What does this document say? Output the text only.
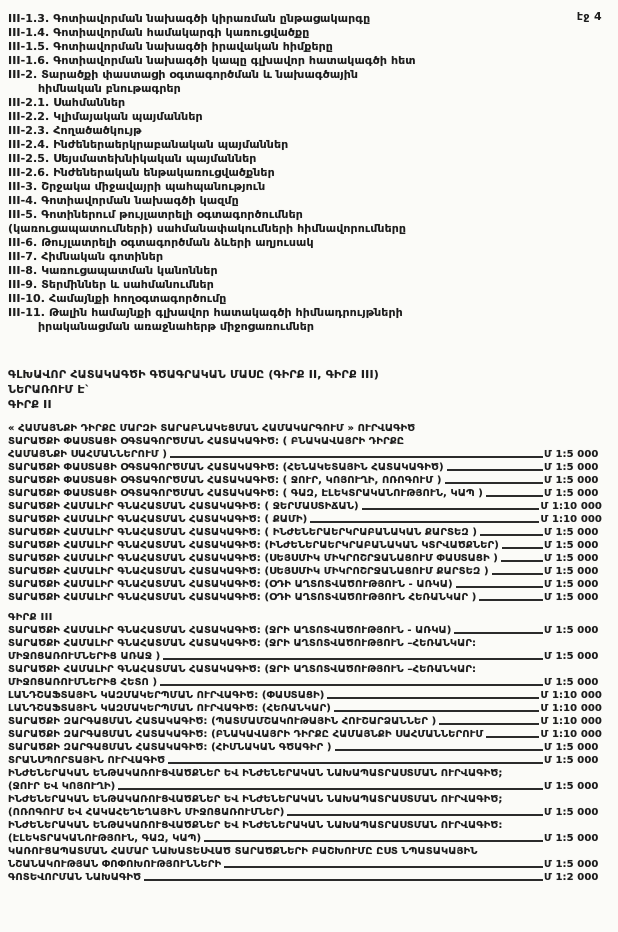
էջ 4
III-1.3. Գոտիավորման նախագծի կիրառման ընթացակարգը
III-1.4. Գոտիավորման համակարգի կառուցվածքը
III-1.5. Գոտիավորման նախագծի իրավական հիմքերը
III-1.6. Գոտիավորման նախագծի կապը գլխավոր հատակագծի հետ
III-2. Տարածքի փաստացի օգտագործման և նախագծային
հիմնական բնութագրեր
III-2.1. Սահմաններ
III-2.2. Կլիմայական պայմաններ
III-2.3. Հողածածկույթ
III-2.4. Ինժեներաերկրաբանական պայմաններ
III-2.5. Սեյսմատեխնիկական պայմաններ
III-2.6. Ինժեներական ենթակառուցվածքներ
III-3. Շրջակա միջավայրի պահպանություն
III-4. Գոտիավորման նախագծի կազմը
III-5. Գոտիներում թույլատրելի օգտագործումներ
(կառուցապատումների) սահմանափակումների հիմնավորումները
III-6. Թույլատրելի օգտագործման ձևերի աղյուսակ
III-7. Հիմնական գոտիներ
III-8. Կառուցապատման կանոններ
III-9. Տերմիններ և սահմանումներ
III-10. Համայնքի հողօգտագործումը
III-11. Թալին համայնքի գլխավոր հատակագծի հիմնադրույթների
իրականացման առաջնահերթ միջոցառումներ
ԳԼԽԱՎՈՐ ՀԱՏԱԿԱԳԾԻ ԳԾԱԳՐԱԿԱՆ ՄԱՍԸ (ԳԻՐՔ II, ԳԻՐՔ III)
ՆԵՐԱՌՈՒՄ Է`
ԳԻՐՔ II
« ՀԱՄԱՅՆՔԻ ԴԻՐՔԸ ՄԱՐԶԻ ՏԱՐԱԲՆԱԿԵՑՄԱՆ ՀԱՄԱԿԱՐԳՈՒՄ » ՈՒՐՎԱԳԻԾ
ՏԱՐԱԾՔԻ ՓԱՍՏԱՑԻ ՕԳՏԱԳՈՐԾՄԱՆ ՀԱՏԱԿԱԳԻԾ: ( ԲՆԱԿԱՎԱՅՐԻ ԴԻՐՔԸ
ՀԱՄԱՅՆՔԻ ՍԱՀՄԱՆՆԵՐՈՒՄ )	Մ 1:5 000
ՏԱՐԱԾՔԻ ՓԱՍՏԱՑԻ ՕԳՏԱԳՈՐԾՄԱՆ ՀԱՏԱԿԱԳԻԾ: (ՀԵՆԱԿԵՏԱՅԻՆ ՀԱՏԱԿԱԳԻԾ)	Մ 1:5 000
ՏԱՐԱԾՔԻ ՓԱՍՏԱՑԻ ՕԳՏԱԳՈՐԾՄԱՆ ՀԱՏԱԿԱԳԻԾ: ( ՋՈՒՐ, ԿՈՅՈՒՂԻ, ՈՌՈԳՈՒՄ )	Մ 1:5 000
ՏԱՐԱԾՔԻ ՓԱՍՏԱՑԻ ՕԳՏԱԳՈՐԾՄԱՆ ՀԱՏԱԿԱԳԻԾ: ( ԳԱԶ, ԷԼԵԿՏՐԱԿԱՆՈՒԹՅՈՒՆ, ԿԱՊ )	Մ 1:5 000
ՏԱՐԱԾՔԻ ՀԱՄԱԼԻՐ ԳՆԱՀԱՏՄԱՆ ՀԱՏԱԿԱԳԻԾ: ( ՋԵՐՄԱՍՏԻՃԱՆ)	Մ 1:10 000
ՏԱՐԱԾՔԻ ՀԱՄԱԼԻՐ ԳՆԱՀԱՏՄԱՆ ՀԱՏԱԿԱԳԻԾ: ( ՔԱՄԻ)	Մ 1:10 000
ՏԱՐԱԾՔԻ ՀԱՄԱԼԻՐ ԳՆԱՀԱՏՄԱՆ ՀԱՏԱԿԱԳԻԾ: ( ԻՆԺԵՆԵՐԱԵՐԿՐԱԲԱՆԱԿԱՆ ՔԱՐՏԵԶ )	Մ 1:5 000
ՏԱՐԱԾՔԻ ՀԱՄԱԼԻՐ ԳՆԱՀԱՏՄԱՆ ՀԱՏԱԿԱԳԻԾ: (ԻՆԺԵՆԵՐԱԵՐԿՐԱԲԱՆԱԿԱՆ ԿՏՐՎԱԾՔՆԵՐ)	Մ 1:5 000
ՏԱՐԱԾՔԻ ՀԱՄԱԼԻՐ ԳՆԱՀԱՏՄԱՆ ՀԱՏԱԿԱԳԻԾ: (ՍԵՅՍՄԻԿ ՄԻԿՐՈՇՐՋԱՆԱՑՈՒՄ ՓԱՍՏԱՑԻ )	Մ 1:5 000
ՏԱՐԱԾՔԻ ՀԱՄԱԼԻՐ ԳՆԱՀԱՏՄԱՆ ՀԱՏԱԿԱԳԻԾ: (ՍԵՅՍՄԻԿ ՄԻԿՐՈՇՐՋԱՆԱՑՈՒՄ ՔԱՐՏԵԶ )	Մ 1:5 000
ՏԱՐԱԾՔԻ ՀԱՄԱԼԻՐ ԳՆԱՀԱՏՄԱՆ ՀԱՏԱԿԱԳԻԾ: (ՕԴԻ ԱՂՏՈՏՎԱԾՈՒԹՅՈՒՆ - ԱՌԿԱ)	Մ 1:5 000
ՏԱՐԱԾՔԻ ՀԱՄԱԼԻՐ ԳՆԱՀԱՏՄԱՆ ՀԱՏԱԿԱԳԻԾ: (ՕԴԻ ԱՂՏՈՏՎԱԾՈՒԹՅՈՒՆ ՀԵՌԱՆԿԱՐ )	Մ 1:5 000
ԳԻՐՔ III
ՏԱՐԱԾՔԻ ՀԱՄԱԼԻՐ ԳՆԱՀԱՏՄԱՆ ՀԱՏԱԿԱԳԻԾ: (ՋՐԻ ԱՂՏՈՏՎԱԾՈՒԹՅՈՒՆ - ԱՌԿԱ)	Մ 1:5 000
ՏԱՐԱԾՔԻ ՀԱՄԱԼԻՐ ԳՆԱՀԱՏՄԱՆ ՀԱՏԱԿԱԳԻԾ: (ՋՐԻ ԱՂՏՈՏՎԱԾՈՒԹՅՈՒՆ –ՀԵՌԱՆԿԱՐ:
ՄԻՋՈՑԱՌՈՒՄՆԵՐԻՑ ԱՌԱՋ )	Մ 1:5 000
ՏԱՐԱԾՔԻ ՀԱՄԱԼԻՐ ԳՆԱՀԱՏՄԱՆ ՀԱՏԱԿԱԳԻԾ: (ՋՐԻ ԱՂՏՈՏՎԱԾՈՒԹՅՈՒՆ –ՀԵՌԱՆԿԱՐ:
ՄԻՋՈՑԱՌՈՒՄՆԵՐԻՑ ՀԵՏՈ )	Մ 1:5 000
ԼԱՆԴՇԱՖՏԱՅԻՆ ԿԱԶՄԱԿԵՐՊՄԱՆ ՈՒՐՎԱԳԻԾ: (ՓԱՍՏԱՑԻ)	Մ 1:10 000
ԼԱՆԴՇԱՖՏԱՅԻՆ ԿԱԶՄԱԿԵՐՊՄԱՆ ՈՒՐՎԱԳԻԾ: (ՀԵՌԱՆԿԱՐ)	Մ 1:10 000
ՏԱՐԱԾՔԻ ԶԱՐԳԱՑՄԱՆ ՀԱՏԱԿԱԳԻԾ: (ՊԱՏՄԱՄՇԱԿՈՒԹԱՅԻՆ ՀՈՒՇԱՐՁԱՆՆԵՐ )	Մ 1:10 000
ՏԱՐԱԾՔԻ ԶԱՐԳԱՑՄԱՆ ՀԱՏԱԿԱԳԻԾ: (ԲՆԱԿԱՎԱՅՐԻ ԴԻՐՔԸ ՀԱՄԱՅՆՔԻ ՍԱՀՄԱՆՆԵՐՈՒՄ	Մ 1:10 000
ՏԱՐԱԾՔԻ ԶԱՐԳԱՑՄԱՆ ՀԱՏԱԿԱԳԻԾ: (ՀԻՄՆԱԿԱՆ ԳԾԱԳԻՐ )	Մ 1:5 000
ՏՐԱՆՍՊՈՐՏԱՅԻՆ ՈՒՐՎԱԳԻԾ	Մ 1:5 000
ԻՆԺԵՆԵՐԱԿԱՆ ԵՆԹԱԿԱՌՈՒՑՎԱԾՔՆԵՐ ԵՎ ԻՆԺԵՆԵՐԱԿԱՆ ՆԱԽԱՊԱՏՐԱՍՏՄԱՆ ՈՒՐՎԱԳԻԾ;
(ՋՈՒՐ ԵՎ ԿՈՅՈՒՂԻ)	Մ 1:5 000
ԻՆԺԵՆԵՐԱԿԱՆ ԵՆԹԱԿԱՌՈՒՑՎԱԾՔՆԵՐ ԵՎ ԻՆԺԵՆԵՐԱԿԱՆ ՆԱԽԱՊԱՏՐԱՍՏՄԱՆ ՈՒՐՎԱԳԻԾ;
(ՈՌՈԳՈՒՄ ԵՎ ՀԱԿԱՀԵՂԵՂԱՅԻՆ ՄԻՋՈՑԱՌՈՒՄՆԵՐ)	Մ 1:5 000
ԻՆԺԵՆԵՐԱԿԱՆ ԵՆԹԱԿԱՌՈՒՑՎԱԾՔՆԵՐ ԵՎ ԻՆԺԵՆԵՐԱԿԱՆ ՆԱԽԱՊԱՏՐԱՍՏՄԱՆ ՈՒՐՎԱԳԻԾ:
(ԷԼԵԿՏՐԱԿԱՆՈՒԹՅՈՒՆ, ԳԱԶ, ԿԱՊ)	Մ 1:5 000
ԿԱՌՈՒՑԱՊԱՏՄԱՆ ՀԱՄԱՐ ՆԱԽԱՏԵՍՎԱԾ ՏԱՐԱԾՔՆԵՐԻ ԲԱՇԽՈՒՄԸ ԸՍՏ ՆՊԱՏԱԿԱՅԻՆ
ՆՇԱՆԱԿՈՒԹՅԱՆ ՓՈՓՈԽՈՒԹՅՈՒՆՆԵՐԻ	Մ 1:5 000
ԳՈՏԵՎՈՐՄԱՆ ՆԱԽԱԳԻԾ	Մ 1:2 000
